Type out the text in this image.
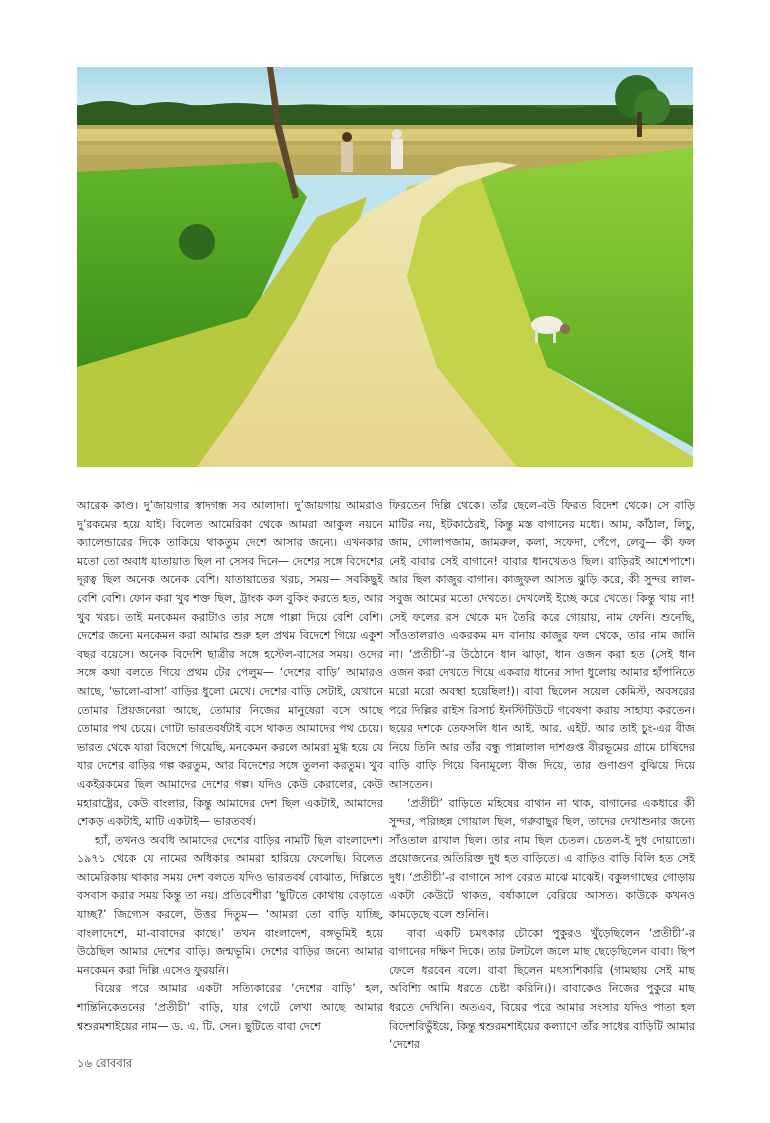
আরেক কাণ্ড। দু’জায়গার স্বাদগন্ধ সব আলাদা। দু’জায়গায় আমরাও দু’রকমের হয়ে যাই। বিলেত আমেরিকা থেকে আমরা আকুল নয়নে ক্যালেন্ডারের দিকে তাকিয়ে থাকতুম দেশে আসার জন্যে। এখনকার মতো তো অবাধ যাতায়াত ছিল না সেসব দিনে— দেশের সঙ্গে বিদেশের দূরত্ব ছিল অনেক অনেক বেশি। যাতায়াতের খরচ, সময়— সবকিছুই বেশি বেশি। ফোন করা খুব শক্ত ছিল, ট্রাংক কল বুকিং করতে হত, আর খুব খরচ। তাই মনকেমন করাটাও তার সঙ্গে পাল্লা দিয়ে বেশি বেশি। দেশের জন্যে মনকেমন করা আমার শুরু হল প্রথম বিদেশে গিয়ে একুশ বছর বয়েসে। অনেক বিদেশি ছাত্রীর সঙ্গে হস্টেল-বাসের সময়। ওদের সঙ্গে কথা বলতে গিয়ে প্রথম টের পেলুম— ‘দেশের বাড়ি’ আমারও আছে, ‘ভালো-বাসা’ বাড়ির ধুলো মেখে। দেশের বাড়ি সেটাই, যেখানে তোমার প্রিয়জনেরা আছে, তোমার নিজের মানুষেরা বসে আছে তোমার পথ চেয়ে। গোটা ভারতবর্ষটাই বসে থাকত আমাদের পথ চেয়ে। ভারত থেকে যারা বিদেশে গিয়েছি, মনকেমন করলে আমরা মুগ্ধ হয়ে যে যার দেশের বাড়ির গল্প করতুম, আর বিদেশের সঙ্গে তুলনা করতুম। খুব একইরকমের ছিল আমাদের দেশের গল্প। যদিও কেউ কেরালের, কেউ মহারাষ্ট্রের, কেউ বাংলার, কিন্তু আমাদের দেশ ছিল একটাই, আমাদের শেকড় একটাই, মাটি একটাই— ভারতবর্ষ।

হ্যাঁ, তখনও অবধি আমাদের দেশের বাড়ির নামটি ছিল বাংলাদেশ। ১৯৭১ থেকে যে নামের অধিকার আমরা হারিয়ে ফেলেছি। বিলেত আমেরিকায় থাকার সময় দেশ বলতে যদিও ভারতবর্ষ বোঝাত, দিল্লিতে বসবাস করার সময় কিন্তু তা নয়। প্রতিবেশীরা ‘ছুটিতে কোথায় বেড়াতে যাচ্ছ?’ জিগ্যেস করলে, উত্তর দিতুম— ‘আমরা তো বাড়ি যাচ্ছি, বাংলাদেশে, মা-বাবাদের কাছে।’ তখন বাংলাদেশ, বঙ্গভূমিই হয়ে উঠেছিল আমার দেশের বাড়ি। জন্মভূমি। দেশের বাড়ির জন্যে আমার মনকেমন করা দিল্লি এসেও ফুরয়নি।

বিয়ের পরে আমার একটা সত্যিকারের ‘দেশের বাড়ি’ হল, শান্তিনিকেতনের ‘প্রতীচী’ বাড়ি, যার গেটে লেখা আছে আমার শ্বশুরমশাইয়ের নাম— ড. এ. টি. সেন। ছুটিতে বাবা দেশে

ফিরতেন দিল্লি থেকে। তাঁর ছেলে-বউ ফিরত বিদেশ থেকে। সে বাড়ি মাটির নয়, ইটকাঠেরই, কিন্তু মস্ত বাগানের মধ্যে। আম, কাঁঠাল, লিচু, জাম, গোলাপজাম, জামরুল, কলা, সফেদা, পেঁপে, লেবু— কী ফল নেই বাবার সেই বাগানে! বাবার ধানখেতও ছিল। বাড়িরই আশেপাশে। আর ছিল কাজুর বাগান। কাজুফল আসত ঝুড়ি করে, কী সুন্দর লাল-সবুজ আমের মতো দেখতে। দেখলেই ইচ্ছে করে খেতে। কিন্তু খায় না! সেই ফলের রস থেকে মদ তৈরি করে গোয়ায়, নাম ফেনি। শুনেছি, সাঁওতালরাও একরকম মদ বানায় কাজুর ফল থেকে, তার নাম জানি না। ‘প্রতীচী’-র উঠোনে ধান ঝাড়া, ধান ওজন করা হত (সেই ধান ওজন করা দেখতে গিয়ে একবার ধানের সাদা ধুলোয় আমার হাঁপানিতে মরো মরো অবস্থা হয়েছিল!)। বাবা ছিলেন সয়েল কেমিস্ট, অবসরের পরে দিল্লির রাইস রিসার্চ ইনস্টিটিউটে গবেষণা করায় সাহায্য করতেন। ছয়ের দশকে তেফসলি ধান আই. আর. এইট. আর তাই চুং-এর বীজ নিয়ে তিনি আর তাঁর বন্ধু পান্নালাল দাশগুপ্ত বীরভূমের গ্রামে চাষিদের বাড়ি বাড়ি গিয়ে বিনামূল্যে বীজ দিয়ে, তার গুণাগুণ বুঝিয়ে দিয়ে আসতেন।

‘প্রতীচী’ বাড়িতে মহিষের বাথান না থাক, বাগানের একধারে কী সুন্দর, পরিচ্ছন্ন গোয়াল ছিল, গরুবাছুর ছিল, তাদের দেখাশুনার জন্যে সাঁওতাল রাখাল ছিল। তার নাম ছিল চেতল। চেতল-ই দুধ দোয়াতো। প্রয়োজনের অতিরিক্ত দুধ হত বাড়িতে। এ বাড়িও বাড়ি বিলি হত সেই দুধ। ‘প্রতীচী’-র বাগানে সাপ বেরত মাঝে মাঝেই। বকুলগাছের গোড়ায় একটা কেউটে থাকত, বর্ষাকালে বেরিয়ে আসত। কাউকে কখনও কামড়েছে বলে শুনিনি।

বাবা একটি চমৎকার চৌকো পুকুরও খুঁড়েছিলেন ‘প্রতীচী’-র বাগানের দক্ষিণ দিকে। তার টলটলে জলে মাছ ছেড়েছিলেন বাবা। ছিপ ফেলে ধরবেন বলে। বাবা ছিলেন মৎস্যশিকারি (গামছায় সেই মাছ অবিশ্যি আমি ধরতে চেষ্টা করিনি।)। বাবাকেও নিজের পুকুরে মাছ ধরতে দেখিনি। অতএব, বিয়ের পরে আমার সংসার যদিও পাতা হল বিদেশবিভুঁইয়ে, কিন্তু শ্বশুরমশাইয়ের কল্যাণে তাঁর সাধের বাড়িটি আমার ‘দেশের

১৬ রোববার
